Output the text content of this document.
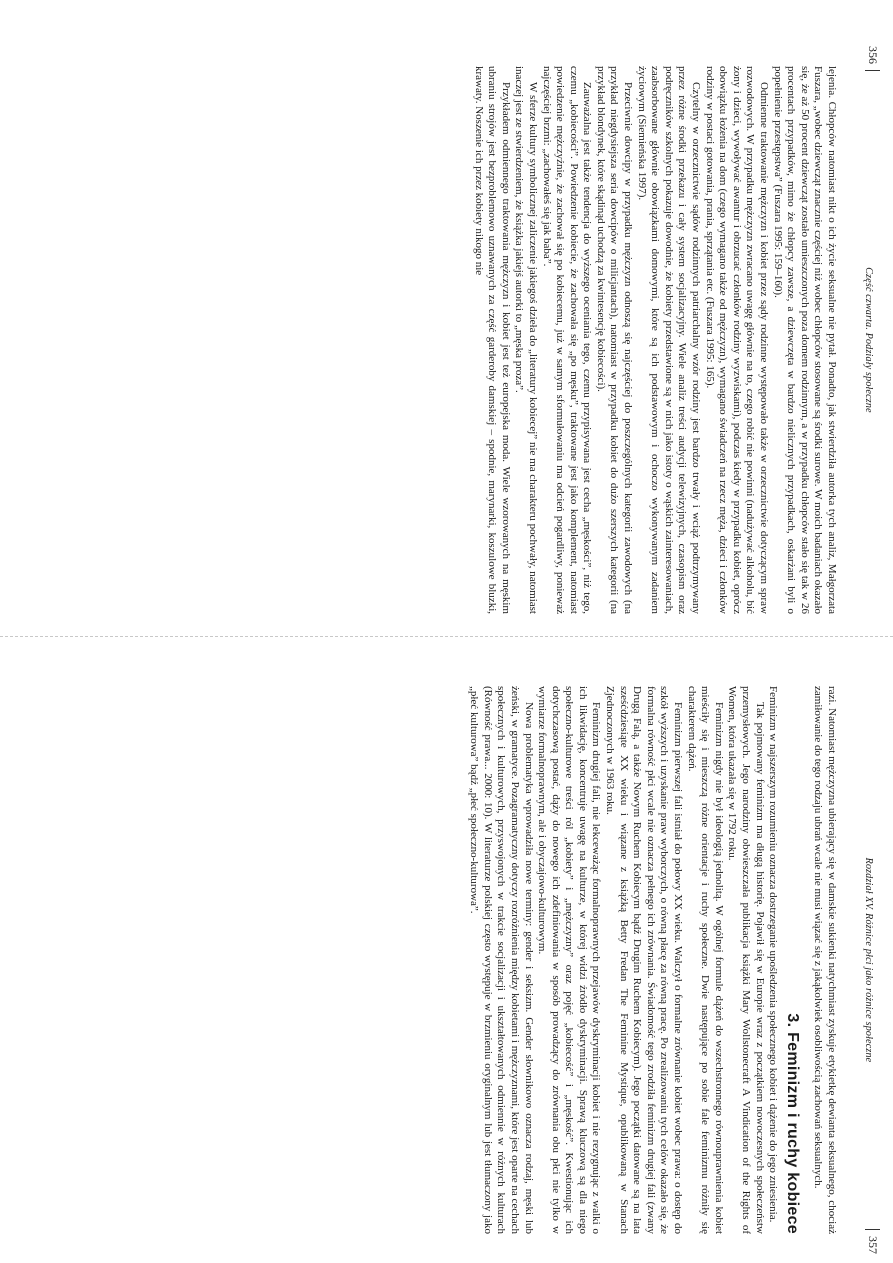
356
Część czwarta. Podziały społeczne

lejenia. Chłopców natomiast nikt o ich życie seksualne nie pytał. Ponadto, jak stwierdziła autorka tych analiz, Małgorzata Fuszara, „wobec dziewcząt znacznie częściej niż wobec chłopców stosowane są środki surowe. W moich badaniach okazało się, że aż 50 procent dziewcząt zostało umieszczonych poza domem rodzinnym, a w przypadku chłopców stało się tak w 26 procentach przypadków, mimo że chłopcy zawsze, a dziewczęta w bardzo nielicznych przypadkach, oskarżani byli o popełnienie przestępstwa” (Fuszara 1995: 159–160).

Odmienne traktowanie mężczyzn i kobiet przez sądy rodzinne występowało także w orzecznictwie dotyczącym spraw rozwodowych. W przypadku mężczyzn zwracano uwagę głównie na to, czego robić nie powinni (nadużywać alkoholu, bić żony i dzieci, wywoływać awantur i obrzucać członków rodziny wyzwiskami), podczas kiedy w przypadku kobiet, oprócz obowiązku łożenia na dom (czego wymagano także od mężczyzn), wymagano świadczeń na rzecz męża, dzieci i członków rodziny w postaci gotowania, prania, sprzątania etc. (Fuszara 1995: 165).

Czytelny w orzecznictwie sądów rodzinnych patriarchalny wzór rodziny jest bardzo trwały i wciąż podtrzymywany przez różne środki przekazu i cały system socjalizacyjny. Wiele analiz treści audycji telewizyjnych, czasopism oraz podręczników szkolnych pokazuje dowodnie, że kobiety przedstawione są w nich jako istoty o wąskich zainteresowaniach, zaabsorbowane głównie obowiązkami domowymi, które są ich podstawowym i ochoczo wykonywanym zadaniem życiowym (Siemieńska 1997).

Przeciwnie dowcipy w przypadku mężczyzn odnoszą się najczęściej do poszczególnych kategorii zawodowych (na przykład niegdysiejsza seria dowcipów o milicjantach), natomiast w przypadku kobiet do dużo szerszych kategorii (na przykład blondynek, które skądinąd uchodzą za kwintesencję kobiecości).

Zauważalna jest także tendencja do wyższego oceniania tego, czemu przypisywana jest cecha „męskości”, niż tego, czemu „kobiecości”. Powiedzenie kobiecie, że zachowała się „po męsku”, traktowane jest jako komplement, natomiast powiedzenie mężczyźnie, że zachował się po kobiecemu, już w samym sformułowaniu ma odcień pogardliwy, ponieważ najczęściej brzmi: „zachowałeś się jak baba”.

W sferze kultury symbolicznej zaliczenie jakiegoś dzieła do „literatury kobiecej” nie ma charakteru pochwały, natomiast inaczej jest ze stwierdzeniem, że książka jakiejś autorki to „męska proza”.

Przykładem odmiennego traktowania mężczyzn i kobiet jest też europejska moda. Wiele wzorowanych na męskim ubraniu strojów jest bezproblemowo uznawanych za część garderoby damskiej – spodnie, marynarki, koszulowe bluzki, krawaty. Noszenie ich przez kobiety nikogo nie

357
Rozdział XV. Różnice płci jako różnice społeczne

razi. Natomiast mężczyzna ubierający się w damskie sukienki natychmiast zyskuje etykietkę dewianta seksualnego, chociaż zamiłowanie do tego rodzaju ubrań wcale nie musi wiązać się z jakąkolwiek osobliwością zachowań seksualnych.

3. Feminizm i ruchy kobiece

Feminizm w najszerszym rozumieniu oznacza dostrzeganie upośledzenia społecznego kobiet i dążenie do jego zniesienia.

Tak pojmowany feminizm ma długą historię. Pojawił się w Europie wraz z początkiem nowoczesnych społeczeństw przemysłowych. Jego narodziny obwieszczała publikacja książki Mary Wollstonecraft A Vindication of the Rights of Women, która ukazała się w 1792 roku.

Feminizm nigdy nie był ideologią jednolitą. W ogólnej formule dążeń do wszechstronnego równouprawnienia kobiet mieściły się i mieszczą różne orientacje i ruchy społeczne. Dwie następujące po sobie fale feminizmu różniły się charakterem dążeń.

Feminizm pierwszej fali istniał do połowy XX wieku. Walczył o formalne zrównanie kobiet wobec prawa: o dostęp do szkół wyższych i uzyskanie praw wyborczych, o równą płacę za równą pracę. Po zrealizowaniu tych celów okazało się, że formalna równość płci wcale nie oznacza pełnego ich zrównania. Świadomość tego zrodziła feminizm drugiej fali (zwany Drugą Falą, a także Nowym Ruchem Kobiecym bądź Drugim Ruchem Kobiecym). Jego początki datowane są na lata sześćdziesiąte XX wieku i wiązane z książką Betty Fredan The Feminine Mystique, opublikowaną w Stanach Zjednoczonych w 1963 roku.

Feminizm drugiej fali, nie lekceważąc formalnoprawnych przejawów dyskryminacji kobiet i nie rezygnując z walki o ich likwidację, koncentruje uwagę na kulturze, w której widzi źródło dyskryminacji. Sprawą kluczową są dla niego społeczno-kulturowe treści ról „kobiety” i „mężczyzny” oraz pojęć „kobiecość” i „męskość”. Kwestionując ich dotychczasową postać, dąży do nowego ich zdefiniowania w sposób prowadzący do zrównania obu płci nie tylko w wymiarze formalnoprawnym, ale i obyczajowo-kulturowym.

Nowa problematyka wprowadziła nowe terminy: gender i seksizm. Gender słownikowo oznacza rodzaj, męski lub żeński, w gramatyce. Pozagramatyczny dotyczy rozróżnienia między kobietami i mężczyznami, które jest oparte na cechach społecznych i kulturowych, przyswojonych w trakcie socjalizacji i ukształtowanych odmiennie w różnych kulturach (Równość prawa... 2000: 10). W literaturze polskiej często występuje w brzmieniu oryginalnym lub jest tłumaczony jako „płeć kulturowa” bądź „płeć społeczno-kulturowa”.
